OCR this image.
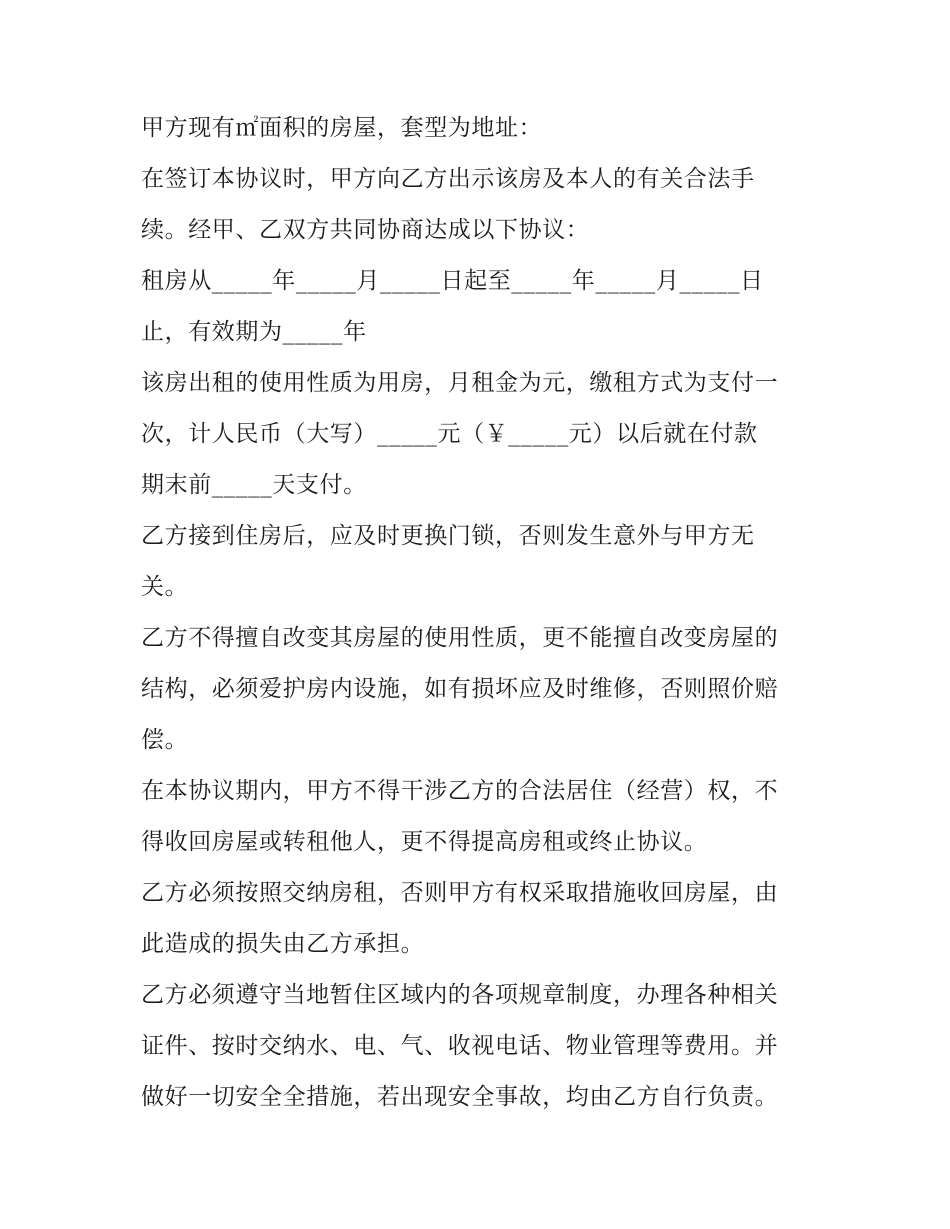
甲方现有㎡面积的房屋，套型为地址：

在签订本协议时，甲方向乙方出示该房及本人的有关合法手
续。经甲、乙双方共同协商达成以下协议：

租房从_____年_____月_____日起至_____年_____月_____日
止，有效期为_____年

该房出租的使用性质为用房，月租金为元，缴租方式为支付一
次，计人民币（大写）_____元（￥_____元）以后就在付款
期末前_____天支付。

乙方接到住房后，应及时更换门锁，否则发生意外与甲方无
关。

乙方不得擅自改变其房屋的使用性质，更不能擅自改变房屋的
结构，必须爱护房内设施，如有损坏应及时维修，否则照价赔
偿。

在本协议期内，甲方不得干涉乙方的合法居住（经营）权，不
得收回房屋或转租他人，更不得提高房租或终止协议。

乙方必须按照交纳房租，否则甲方有权采取措施收回房屋，由
此造成的损失由乙方承担。

乙方必须遵守当地暂住区域内的各项规章制度，办理各种相关
证件、按时交纳水、电、气、收视电话、物业管理等费用。并
做好一切安全全措施，若出现安全事故，均由乙方自行负责。
